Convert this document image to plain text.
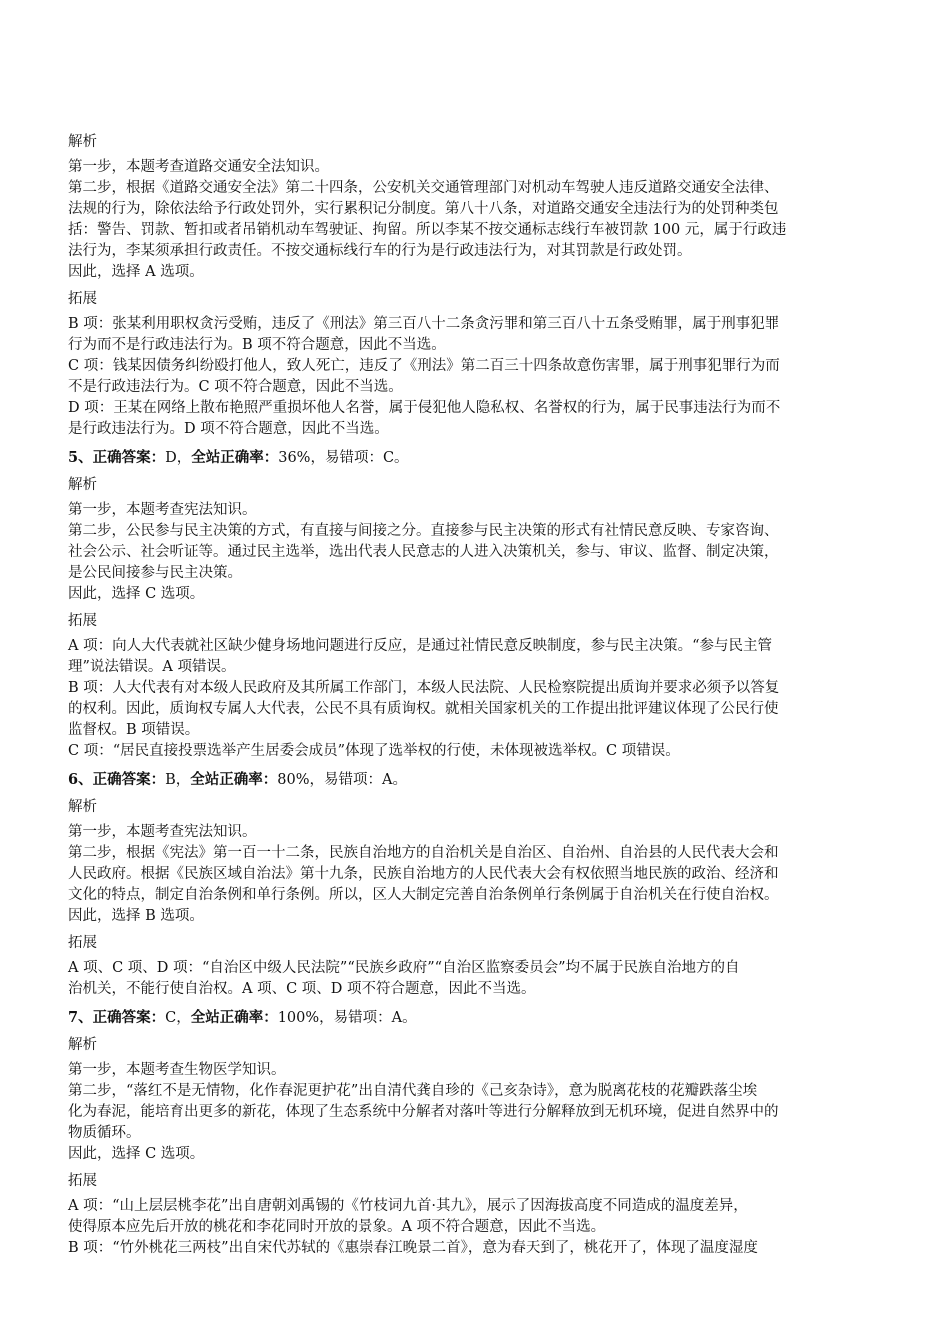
解析
第一步，本题考查道路交通安全法知识。
第二步，根据《道路交通安全法》第二十四条，公安机关交通管理部门对机动车驾驶人违反道路交通安全法律、
法规的行为，除依法给予行政处罚外，实行累积记分制度。第八十八条，对道路交通安全违法行为的处罚种类包
括：警告、罚款、暂扣或者吊销机动车驾驶证、拘留。所以李某不按交通标志线行车被罚款 100 元，属于行政违
法行为，李某须承担行政责任。不按交通标线行车的行为是行政违法行为，对其罚款是行政处罚。
因此，选择 A 选项。
拓展
B 项：张某利用职权贪污受贿，违反了《刑法》第三百八十二条贪污罪和第三百八十五条受贿罪，属于刑事犯罪
行为而不是行政违法行为。B 项不符合题意，因此不当选。
C 项：钱某因债务纠纷殴打他人，致人死亡，违反了《刑法》第二百三十四条故意伤害罪，属于刑事犯罪行为而
不是行政违法行为。C 项不符合题意，因此不当选。
D 项：王某在网络上散布艳照严重损坏他人名誉，属于侵犯他人隐私权、名誉权的行为，属于民事违法行为而不
是行政违法行为。D 项不符合题意，因此不当选。
5、正确答案：D，全站正确率：36%，易错项：C。
解析
第一步，本题考查宪法知识。
第二步，公民参与民主决策的方式，有直接与间接之分。直接参与民主决策的形式有社情民意反映、专家咨询、
社会公示、社会听证等。通过民主选举，选出代表人民意志的人进入决策机关，参与、审议、监督、制定决策，
是公民间接参与民主决策。
因此，选择 C 选项。
拓展
A 项：向人大代表就社区缺少健身场地问题进行反应，是通过社情民意反映制度，参与民主决策。“参与民主管
理”说法错误。A 项错误。
B 项：人大代表有对本级人民政府及其所属工作部门，本级人民法院、人民检察院提出质询并要求必须予以答复
的权利。因此，质询权专属人大代表，公民不具有质询权。就相关国家机关的工作提出批评建议体现了公民行使
监督权。B 项错误。
C 项：“居民直接投票选举产生居委会成员”体现了选举权的行使，未体现被选举权。C 项错误。
6、正确答案：B，全站正确率：80%，易错项：A。
解析
第一步，本题考查宪法知识。
第二步，根据《宪法》第一百一十二条，民族自治地方的自治机关是自治区、自治州、自治县的人民代表大会和
人民政府。根据《民族区域自治法》第十九条，民族自治地方的人民代表大会有权依照当地民族的政治、经济和
文化的特点，制定自治条例和单行条例。所以，区人大制定完善自治条例单行条例属于自治机关在行使自治权。
因此，选择 B 选项。
拓展
A 项、C 项、D 项：“自治区中级人民法院”“民族乡政府”“自治区监察委员会”均不属于民族自治地方的自
治机关，不能行使自治权。A 项、C 项、D 项不符合题意，因此不当选。
7、正确答案：C，全站正确率：100%，易错项：A。
解析
第一步，本题考查生物医学知识。
第二步，“落红不是无情物，化作春泥更护花”出自清代龚自珍的《己亥杂诗》，意为脱离花枝的花瓣跌落尘埃
化为春泥，能培育出更多的新花，体现了生态系统中分解者对落叶等进行分解释放到无机环境，促进自然界中的
物质循环。
因此，选择 C 选项。
拓展
A 项：“山上层层桃李花”出自唐朝刘禹锡的《竹枝词九首·其九》，展示了因海拔高度不同造成的温度差异，
使得原本应先后开放的桃花和李花同时开放的景象。A 项不符合题意，因此不当选。
B 项：“竹外桃花三两枝”出自宋代苏轼的《惠崇春江晚景二首》，意为春天到了，桃花开了，体现了温度湿度
